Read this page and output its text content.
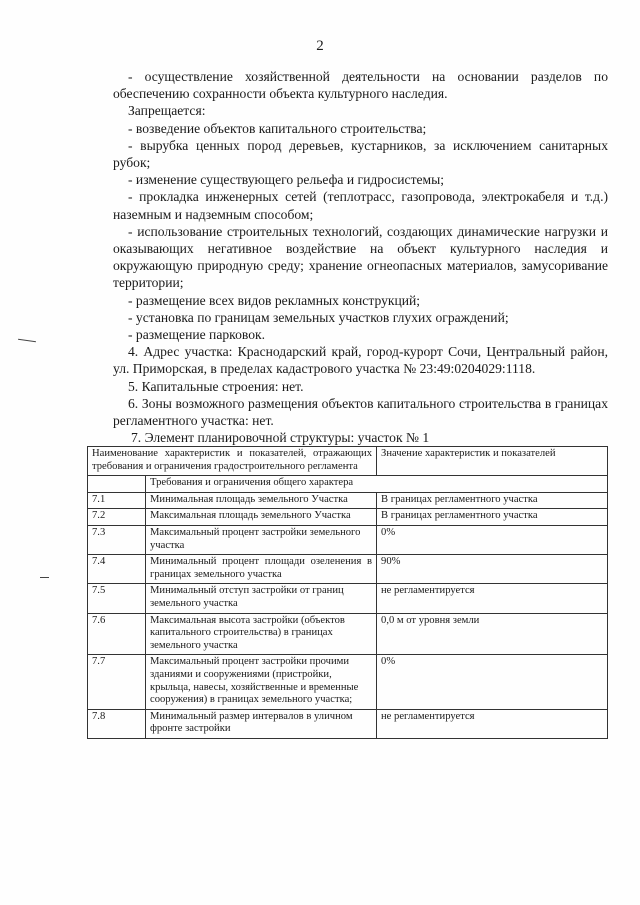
2

- осуществление хозяйственной деятельности на основании разделов по обеспечению сохранности объекта культурного наследия.

Запрещается:

- возведение объектов капитального строительства;

- вырубка ценных пород деревьев, кустарников, за исключением санитарных рубок;

- изменение существующего рельефа и гидросистемы;

- прокладка инженерных сетей (теплотрасс, газопровода, электрокабеля и т.д.) наземным и надземным способом;

- использование строительных технологий, создающих динамические нагрузки и оказывающих негативное воздействие на объект культурного наследия и окружающую природную среду; хранение огнеопасных материалов, замусоривание территории;

- размещение всех видов рекламных конструкций;

- установка по границам земельных участков глухих ограждений;

- размещение парковок.

4. Адрес участка: Краснодарский край, город-курорт Сочи, Центральный район, ул. Приморская, в пределах кадастрового участка № 23:49:0204029:1118.

5. Капитальные строения: нет.

6. Зоны возможного размещения объектов капитального строительства в границах регламентного участка: нет.

7. Элемент планировочной структуры: участок № 1
Наименование характеристик и показателей, отражающих требования и ограничения градостроительного регламента		Значение характеристик и показателей
	Требования и ограничения общего характера	
7.1	Минимальная площадь земельного Участка	В границах регламентного участка
7.2	Максимальная площадь земельного Участка	В границах регламентного участка
7.3	Максимальный процент застройки земельного участка	0%
7.4	Минимальный процент площади озеленения в границах земельного участка	90%
7.5	Минимальный отступ застройки от границ земельного участка	не регламентируется
7.6	Максимальная высота застройки (объектов капитального строительства) в границах земельного участка	0,0 м от уровня земли
7.7	Максимальный процент застройки прочими зданиями и сооружениями (пристройки, крыльца, навесы, хозяйственные и временные сооружения) в границах земельного участка;	0%
7.8	Минимальный размер интервалов в уличном фронте застройки	не регламентируется
